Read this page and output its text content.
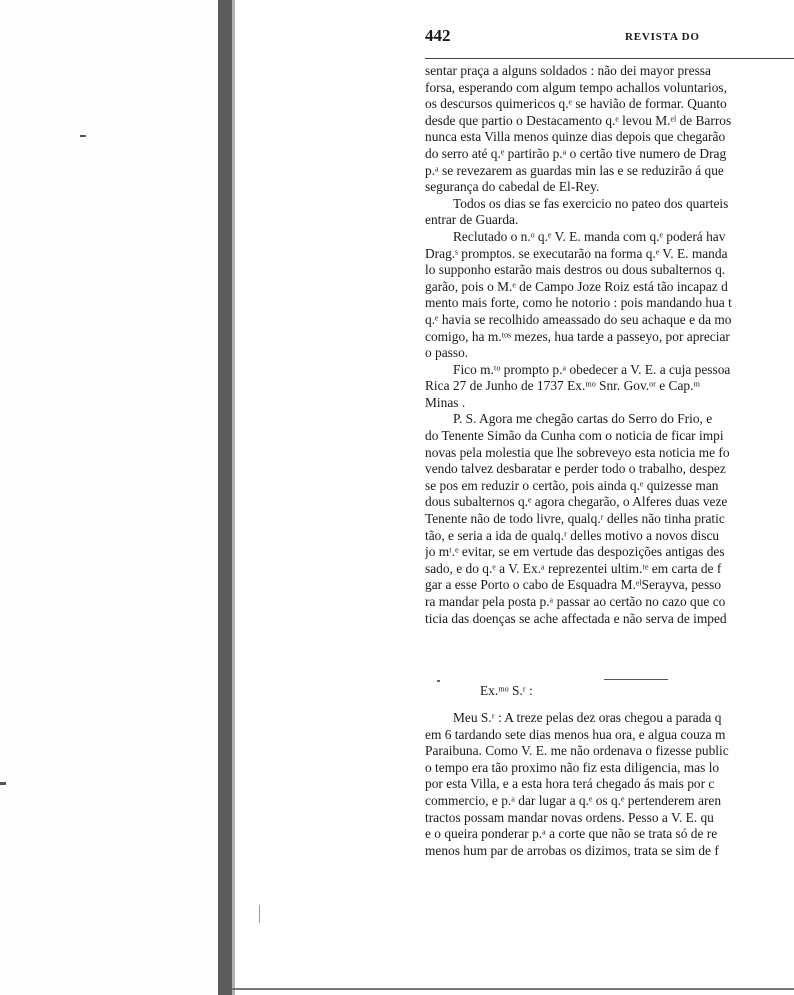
442	REVISTA DO
sentar praça a alguns soldados : não dei mayor pressa
forsa, esperando com algum tempo achallos voluntarios,
os descursos quimericos q.ᵉ se havião de formar. Quanto
desde que partio o Destacamento q.ᵉ levou M.ᵉˡ de Barros
nunca esta Villa menos quinze dias depois que chegarão
do serro até q.ᵉ partirão p.ᵃ o certão tive numero de Drag
p.ᵃ se revezarem as guardas min las e se reduzirão á que
segurança do cabedal de El-Rey.
Todos os dias se fas exercicio no pateo dos quarteis
entrar de Guarda.
Reclutado o n.ᵒ q.ᵉ V. E. manda com q.ᵉ poderá hav
Drag.ˢ promptos. se executarão na forma q.ᵉ V. E. manda
lo supponho estarão mais destros ou dous subalternos q.
garão, pois o M.ᵉ de Campo Joze Roiz está tão incapaz d
mento mais forte, como he notorio : pois mandando hua t
q.ᵉ havia se recolhido ameassado do seu achaque e da mo
comigo, ha m.ᵗᵒˢ mezes, hua tarde a passeyo, por apreciar
o passo.
Fico m.ᵗᵒ prompto p.ᵃ obedecer a V. E. a cuja pessoa
Rica 27 de Junho de 1737 Ex.ᵐᵒ Snr. Gov.ᵒʳ e Cap.ᵐ
Minas .
P. S. Agora me chegão cartas do Serro do Frio, e
do Tenente Simão da Cunha com o noticia de ficar impi
novas pela molestia que lhe sobreveyo esta noticia me fo
vendo talvez desbaratar e perder todo o trabalho, despez
se pos em reduzir o certão, pois ainda q.ᵉ quizesse man
dous subalternos q.ᵉ agora chegarão, o Alferes duas veze
Tenente não de todo livre, qualq.ʳ delles não tinha pratic
tão, e seria a ida de qualq.ʳ delles motivo a novos discu
jo mᵗ.ᵉ evitar, se em vertude das despozições antigas des
sado, e do q.ᵉ a V. Ex.ᵃ reprezentei ultim.ᵗᵉ em carta de f
gar a esse Porto o cabo de Esquadra M.ᵉˡSerayva, pesso
ra mandar pela posta p.ᵃ passar ao certão no cazo que co
ticia das doenças se ache affectada e não serva de imped
Ex.ᵐᵒ S.ʳ :
Meu S.ʳ : A treze pelas dez oras chegou a parada q
em 6 tardando sete dias menos hua ora, e algua couza m
Paraibuna. Como V. E. me não ordenava o fizesse public
o tempo era tão proximo não fiz esta diligencia, mas lo
por esta Villa, e a esta hora terá chegado ás mais por c
commercio, e p.ᵃ dar lugar a q.ᵉ os q.ᵉ pertenderem aren
tractos possam mandar novas ordens. Pesso a V. E. qu
e o queira ponderar p.ᵃ a corte que não se trata só de re
menos hum par de arrobas os dizimos, trata se sim de f
